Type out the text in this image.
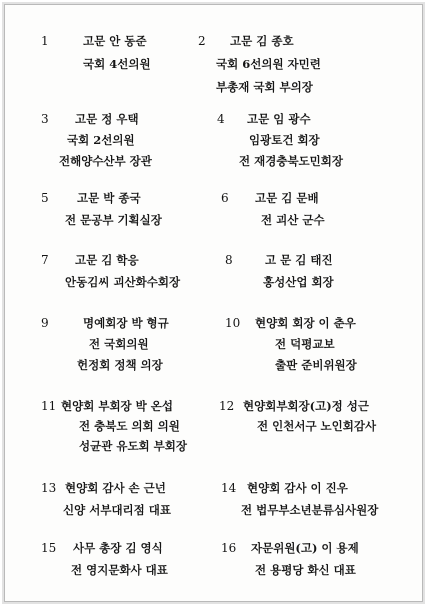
1	고문 안 동준
국회 4선의원
2 고문 김 종호
국회 6선의원 자민련
부총재 국회 부의장
3 고문 정 우택
국회 2선의원
전해양수산부 장관
4 고문 임 광수
임광토건 회장
전 재경충북도민회장
5 고문 박 종국
전 문공부 기획실장
6 고문 김 문배
전 괴산 군수
7 고문 김 학응
안동김씨 괴산화수회장
8	고 문 김 태진
홍성산업 회장
9	명예회장 박 형규
전 국회의원
헌정회 정책 의장
10 현양회 회장 이 춘우
전 덕평교보
출판 준비위원장
11 현양회 부회장 박 온섭
전 충북도 의회 의원
성균관 유도회 부회장
12 현양회부회장(고)정 성근
전 인천서구 노인회감사
13 현양회 감사 손 근넌
신양 서부대리점 대표
14 현양회 감사 이 진우
전 법무부소년분류심사원장
15 사무 총장 김 영식
전 영지문화사 대표
16 자문위원(고) 이 용제
전 용평당 화신 대표
